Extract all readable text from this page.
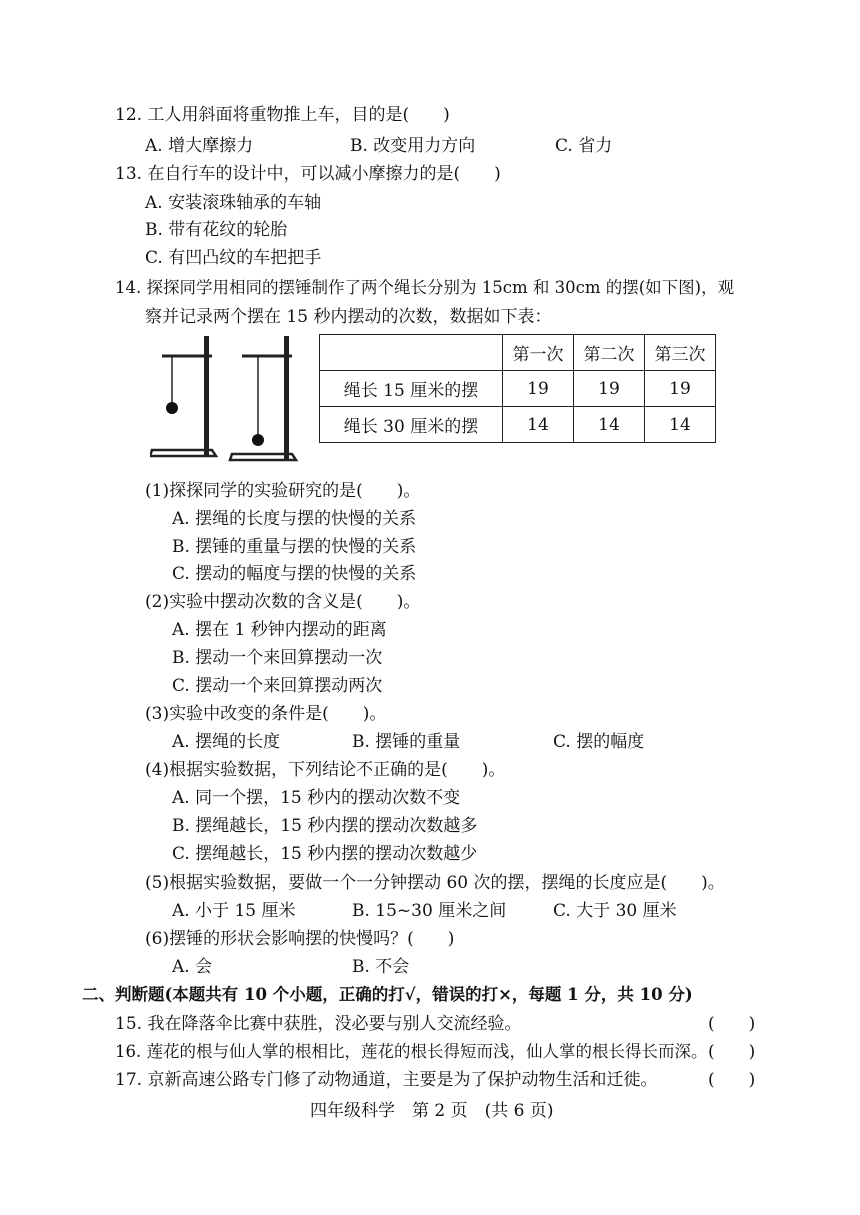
12. 工人用斜面将重物推上车，目的是(　　)
A. 增大摩擦力	B. 改变用力方向	C. 省力
13. 在自行车的设计中，可以减小摩擦力的是(　　)
A. 安装滚珠轴承的车轴
B. 带有花纹的轮胎
C. 有凹凸纹的车把把手
14. 探探同学用相同的摆锤制作了两个绳长分别为 15cm 和 30cm 的摆(如下图)，观
察并记录两个摆在 15 秒内摆动的次数，数据如下表：
	第一次	第二次	第三次
绳长 15 厘米的摆	19	19	19
绳长 30 厘米的摆	14	14	14
(1)探探同学的实验研究的是(　　)。
A. 摆绳的长度与摆的快慢的关系
B. 摆锤的重量与摆的快慢的关系
C. 摆动的幅度与摆的快慢的关系
(2)实验中摆动次数的含义是(　　)。
A. 摆在 1 秒钟内摆动的距离
B. 摆动一个来回算摆动一次
C. 摆动一个来回算摆动两次
(3)实验中改变的条件是(　　)。
A. 摆绳的长度	B. 摆锤的重量	C. 摆的幅度
(4)根据实验数据，下列结论不正确的是(　　)。
A. 同一个摆，15 秒内的摆动次数不变
B. 摆绳越长，15 秒内摆的摆动次数越多
C. 摆绳越长，15 秒内摆的摆动次数越少
(5)根据实验数据，要做一个一分钟摆动 60 次的摆，摆绳的长度应是(　　)。
A. 小于 15 厘米	B. 15~30 厘米之间	C. 大于 30 厘米
(6)摆锤的形状会影响摆的快慢吗？(　　)
A. 会	B. 不会
二、判断题(本题共有 10 个小题，正确的打√，错误的打×，每题 1 分，共 10 分)
15. 我在降落伞比赛中获胜，没必要与别人交流经验。	(　　)
16. 莲花的根与仙人掌的根相比，莲花的根长得短而浅，仙人掌的根长得长而深。 (　　)
17. 京新高速公路专门修了动物通道，主要是为了保护动物生活和迁徙。	(　　)
四年级科学　第 2 页　(共 6 页)
